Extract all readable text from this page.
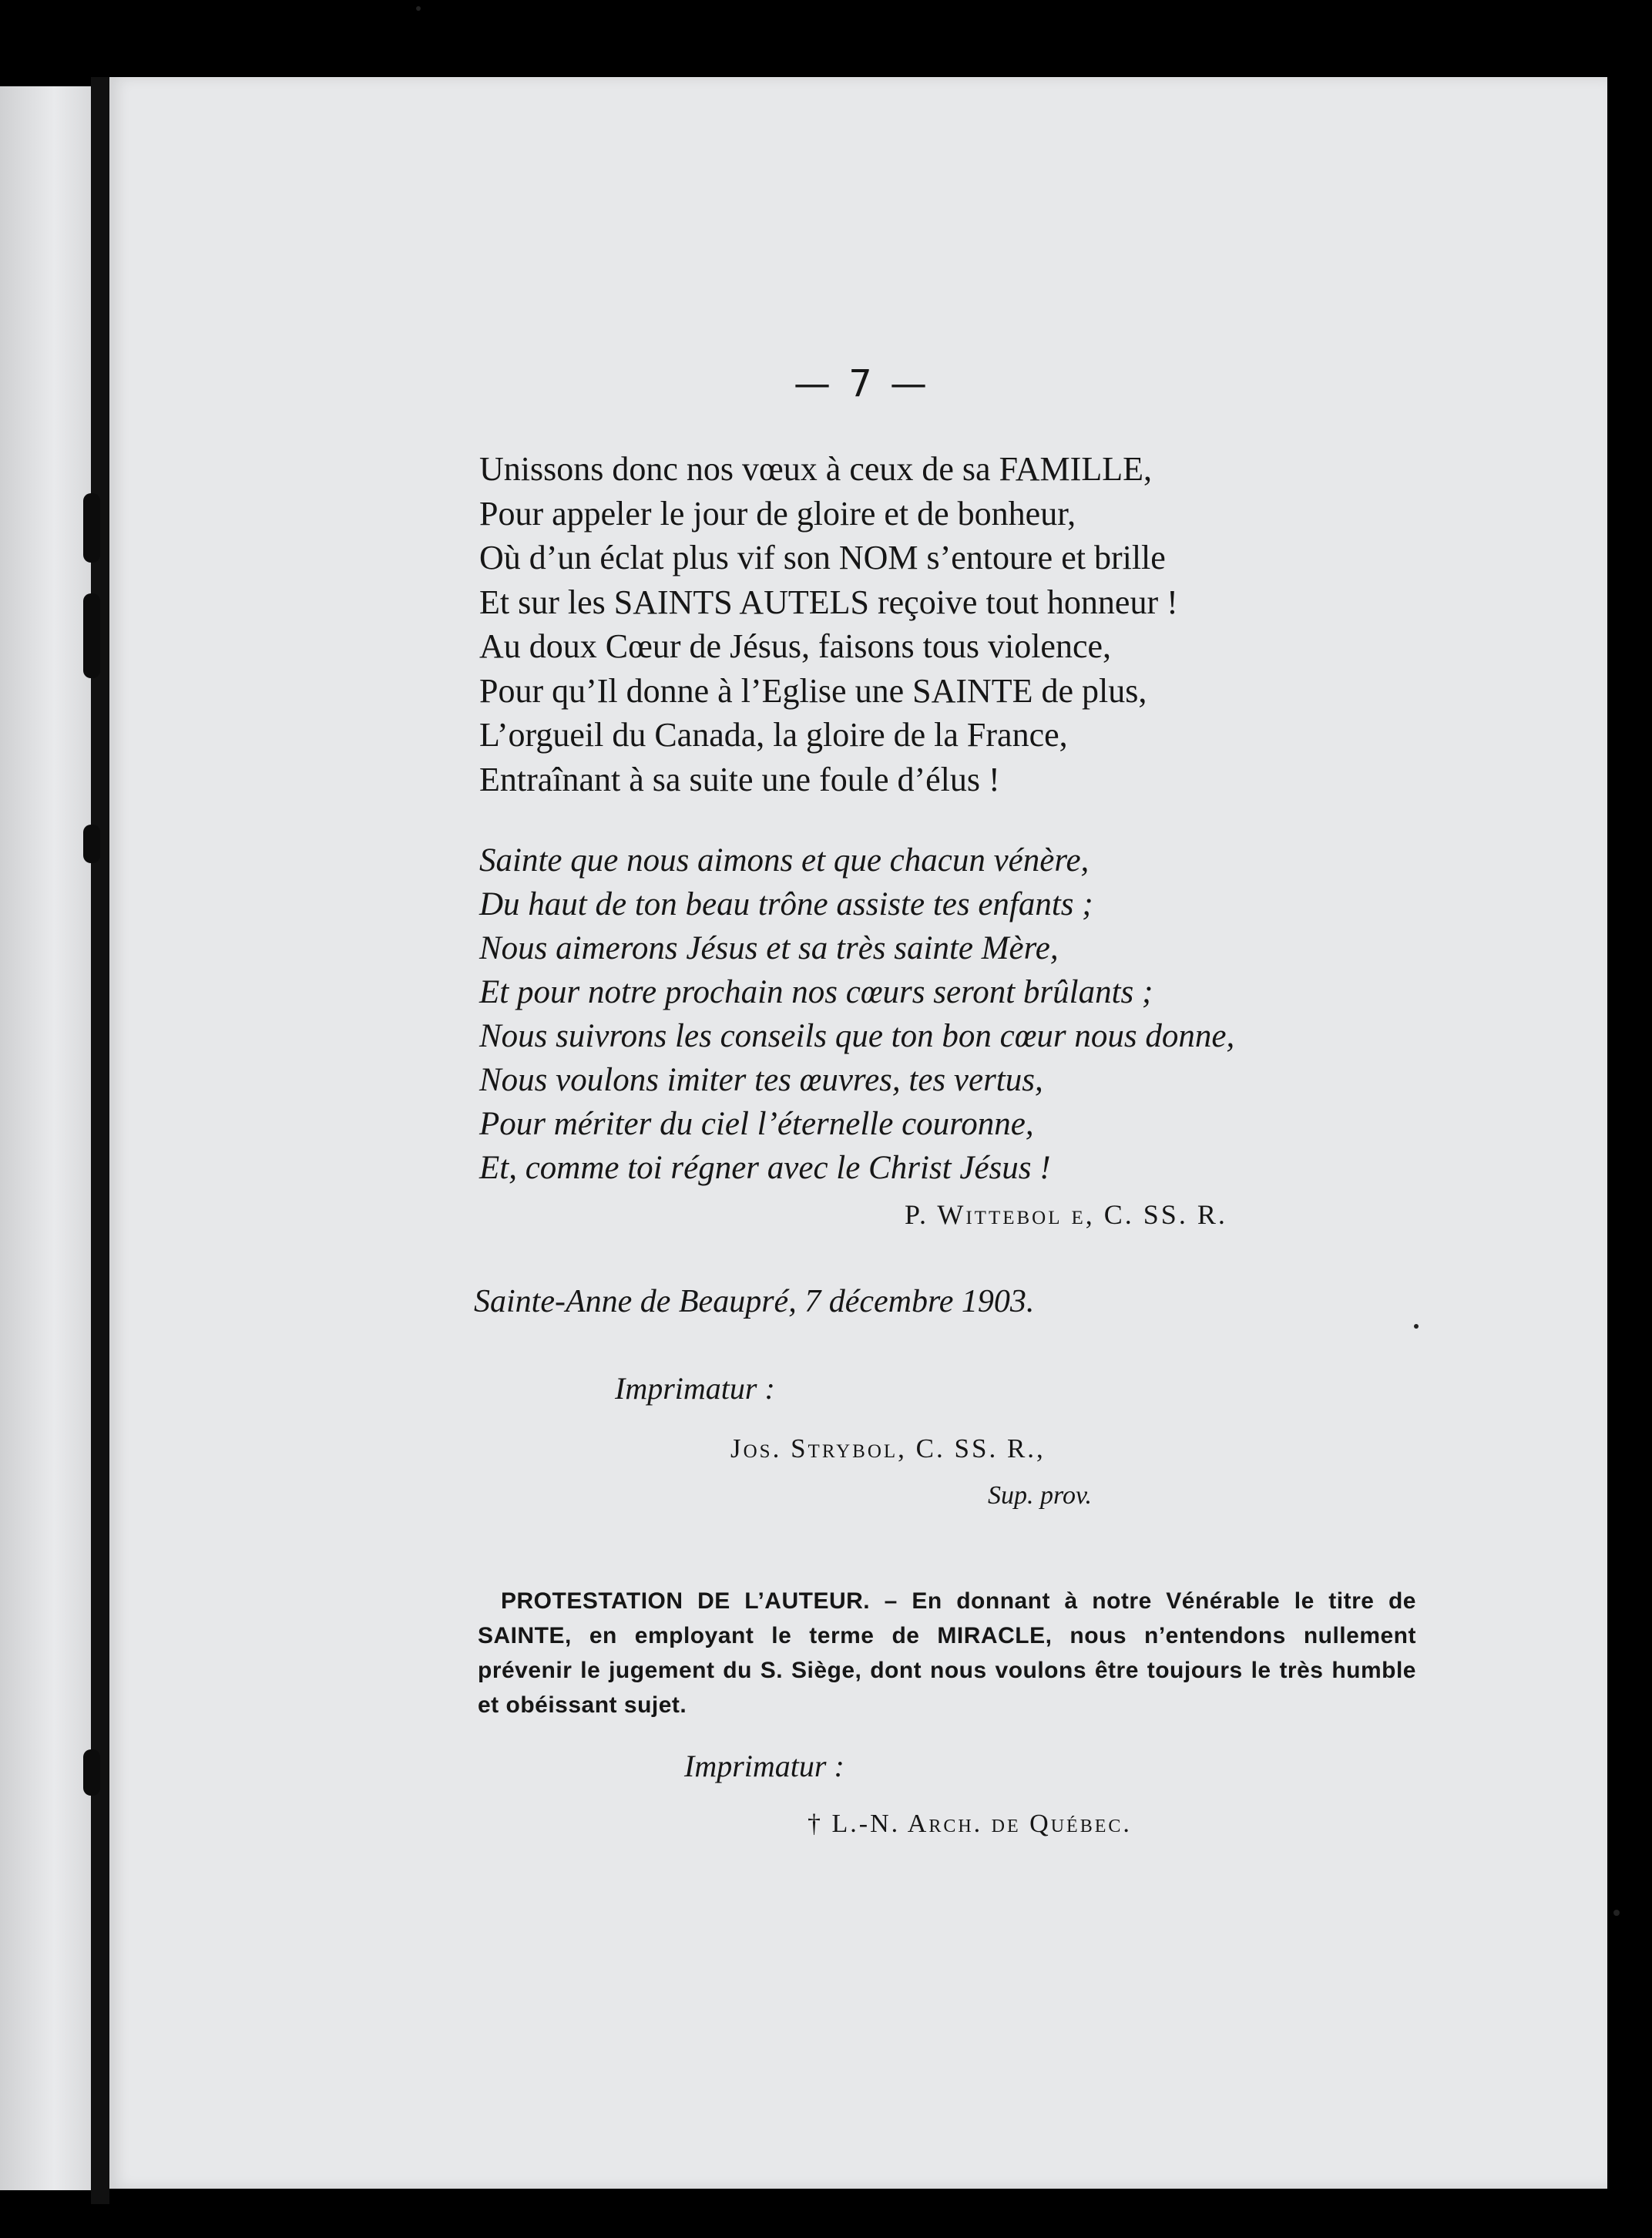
— 7 —
Unissons donc nos vœux à ceux de sa FAMILLE,
Pour appeler le jour de gloire et de bonheur,
Où d’un éclat plus vif son NOM s’entoure et brille
Et sur les SAINTS AUTELS reçoive tout honneur !
Au doux Cœur de Jésus, faisons tous violence,
Pour qu’Il donne à l’Eglise une SAINTE de plus,
L’orgueil du Canada, la gloire de la France,
Entraînant à sa suite une foule d’élus !
Sainte que nous aimons et que chacun vénère,
Du haut de ton beau trône assiste tes enfants ;
Nous aimerons Jésus et sa très sainte Mère,
Et pour notre prochain nos cœurs seront brûlants ;
Nous suivrons les conseils que ton bon cœur nous donne,
Nous voulons imiter tes œuvres, tes vertus,
Pour mériter du ciel l’éternelle couronne,
Et, comme toi régner avec le Christ Jésus !
P. Wittebol e, C. SS. R.
Sainte-Anne de Beaupré, 7 décembre 1903.
Imprimatur :
Jos. Strybol, C. SS. R.,
Sup. prov.
PROTESTATION DE L’AUTEUR. – En donnant à notre Vénérable le titre de SAINTE, en employant le terme de MIRACLE, nous n’entendons nullement prévenir le jugement du S. Siège, dont nous voulons être toujours le très humble et obéissant sujet.
Imprimatur :
† L.-N. Arch. de Québec.
